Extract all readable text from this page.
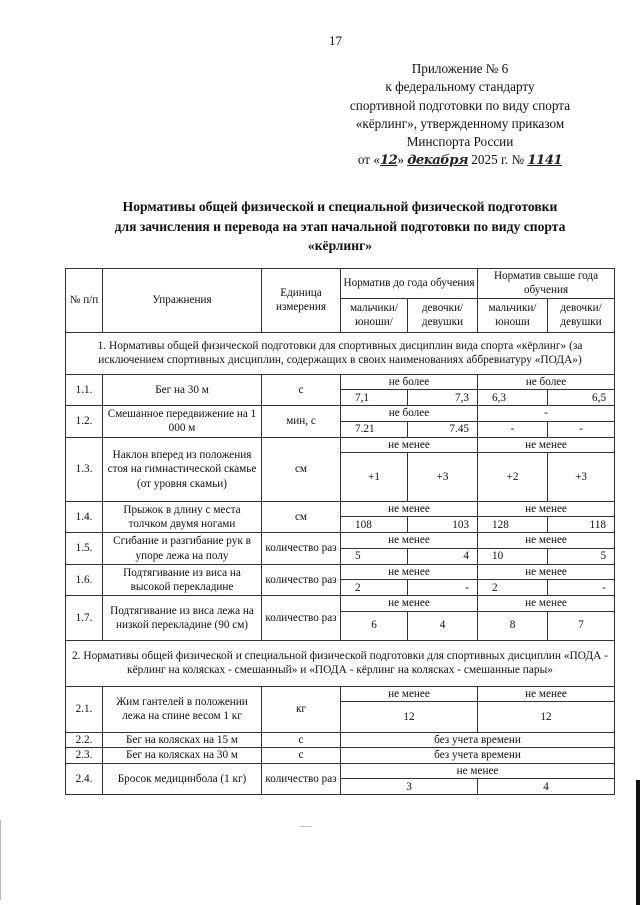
17
Приложение № 6
к федеральному стандарту
спортивной подготовки по виду спорта
«кёрлинг», утвержденному приказом
Минспорта России
от «12» декабря 2025 г. № 1141
Нормативы общей физической и специальной физической подготовки
для зачисления и перевода на этап начальной подготовки по виду спорта
«кёрлинг»
№ п/п	Упражнения	Единица измерения	Норматив до года обучения		Норматив свыше года обучения	
			мальчики/ юноши/	девочки/ девушки	мальчики/ юноши	девочки/ девушки
1. Нормативы общей физической подготовки для спортивных дисциплин вида спорта «кёрлинг» (за исключением спортивных дисциплин, содержащих в своих наименованиях аббревиатуру «ПОДА»)						
1.1.	Бег на 30 м	с	не более		не более	
			7,1	7,3	6,3	6,5
1.2.	Смешанное передвижение на 1 000 м	мин, с	не более		-	
			7.21	7.45	-	-
1.3.	Наклон вперед из положения стоя на гимнастической скамье (от уровня скамьи)	см	не менее		не менее	
			+1	+3	+2	+3
1.4.	Прыжок в длину с места толчком двумя ногами	см	не менее		не менее	
			108	103	128	118
1.5.	Сгибание и разгибание рук в упоре лежа на полу	количество раз	не менее		не менее	
			5	4	10	5
1.6.	Подтягивание из виса на высокой перекладине	количество раз	не менее		не менее	
			2	-	2	-
1.7.	Подтягивание из виса лежа на низкой перекладине (90 см)	количество раз	не менее		не менее	
			6	4	8	7
2. Нормативы общей физической и специальной физической подготовки для спортивных дисциплин «ПОДА - кёрлинг на колясках - смешанный» и «ПОДА - кёрлинг на колясках - смешанные пары»						
2.1.	Жим гантелей в положении лежа на спине весом 1 кг	кг	не менее		не менее	
			12		12	
2.2.	Бег на колясках на 15 м	с	без учета времени			
2.3.	Бег на колясках на 30 м	с	без учета времени			
2.4.	Бросок медицинбола (1 кг)	количество раз	не менее			
			3		4	
